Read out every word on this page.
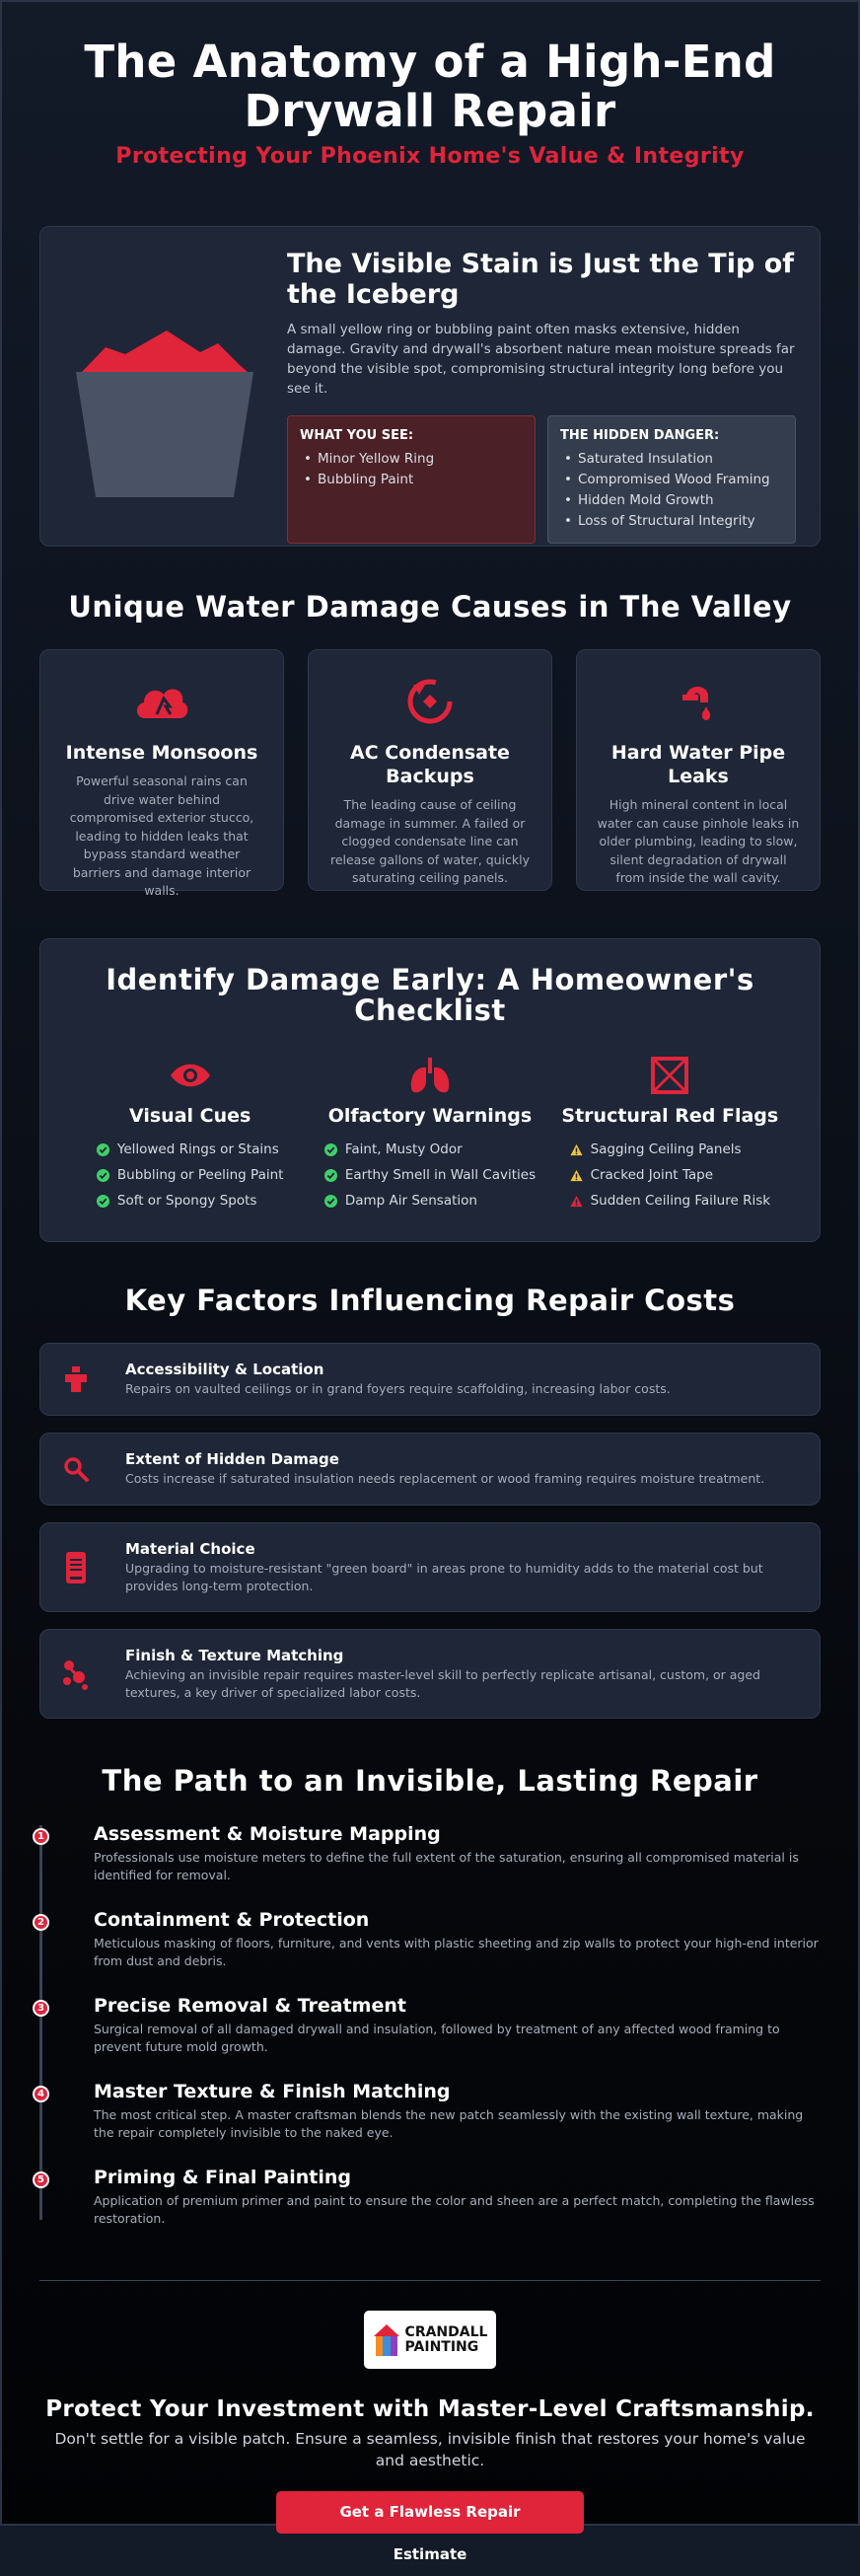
The Anatomy of a High-End Drywall Repair
Protecting Your Phoenix Home's Value & Integrity
The Visible Stain is Just the Tip of the Iceberg

A small yellow ring or bubbling paint often masks extensive, hidden damage. Gravity and drywall's absorbent nature mean moisture spreads far beyond the visible spot, compromising structural integrity long before you see it.

WHAT YOU SEE:
• Minor Yellow Ring
• Bubbling Paint
THE HIDDEN DANGER:
• Saturated Insulation
• Compromised Wood Framing
• Hidden Mold Growth
• Loss of Structural Integrity
Unique Water Damage Causes in The Valley
Intense Monsoons

Powerful seasonal rains can drive water behind compromised exterior stucco, leading to hidden leaks that bypass standard weather barriers and damage interior walls.

AC Condensate Backups

The leading cause of ceiling damage in summer. A failed or clogged condensate line can release gallons of water, quickly saturating ceiling panels.

Hard Water Pipe Leaks

High mineral content in local water can cause pinhole leaks in older plumbing, leading to slow, silent degradation of drywall from inside the wall cavity.

Identify Damage Early: A Homeowner's Checklist
Visual Cues
Yellowed Rings or Stains
Bubbling or Peeling Paint
Soft or Spongy Spots
Olfactory Warnings
Faint, Musty Odor
Earthy Smell in Wall Cavities
Damp Air Sensation
Structural Red Flags
Sagging Ceiling Panels
Cracked Joint Tape
Sudden Ceiling Failure Risk
Key Factors Influencing Repair Costs
Accessibility & Location

Repairs on vaulted ceilings or in grand foyers require scaffolding, increasing labor costs.

Extent of Hidden Damage

Costs increase if saturated insulation needs replacement or wood framing requires moisture treatment.

Material Choice

Upgrading to moisture-resistant "green board" in areas prone to humidity adds to the material cost but provides long-term protection.

Finish & Texture Matching

Achieving an invisible repair requires master-level skill to perfectly replicate artisanal, custom, or aged textures, a key driver of specialized labor costs.

The Path to an Invisible, Lasting Repair
1	Assessment & Moisture Mapping

Professionals use moisture meters to define the full extent of the saturation, ensuring all compromised material is identified for removal.

2	Containment & Protection

Meticulous masking of floors, furniture, and vents with plastic sheeting and zip walls to protect your high-end interior from dust and debris.

3	Precise Removal & Treatment

Surgical removal of all damaged drywall and insulation, followed by treatment of any affected wood framing to prevent future mold growth.

4	Master Texture & Finish Matching

The most critical step. A master craftsman blends the new patch seamlessly with the existing wall texture, making the repair completely invisible to the naked eye.

5	Priming & Final Painting

Application of premium primer and paint to ensure the color and sheen are a perfect match, completing the flawless restoration.

CRANDALL
PAINTING
Protect Your Investment with Master-Level Craftsmanship.

Don't settle for a visible patch. Ensure a seamless, invisible finish that restores your home's value and aesthetic.

Get a Flawless Repair Estimate
